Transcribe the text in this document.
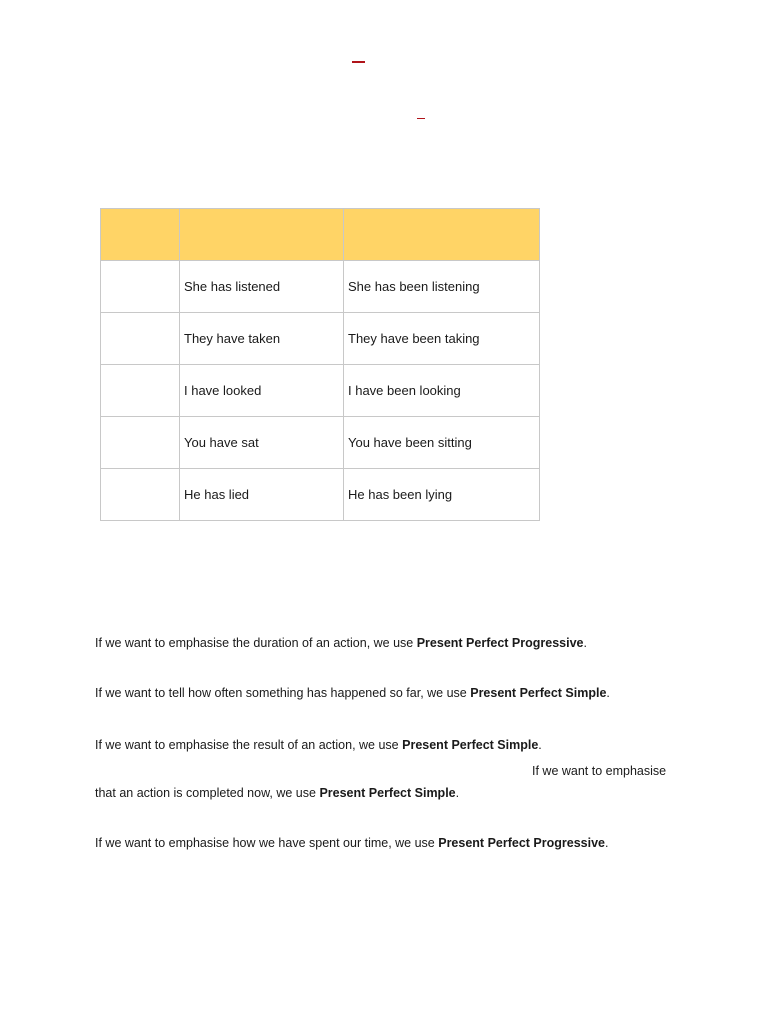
	She has listened	She has been listening
	They have taken	They have been taking
	I have looked	I have been looking
	You have sat	You have been sitting
	He has lied	He has been lying
If we want to emphasise the duration of an action, we use Present Perfect Progressive.
If we want to tell how often something has happened so far, we use Present Perfect Simple.
If we want to emphasise the result of an action, we use Present Perfect Simple.
If we want to emphasise
that an action is completed now, we use Present Perfect Simple.
If we want to emphasise how we have spent our time, we use Present Perfect Progressive.
